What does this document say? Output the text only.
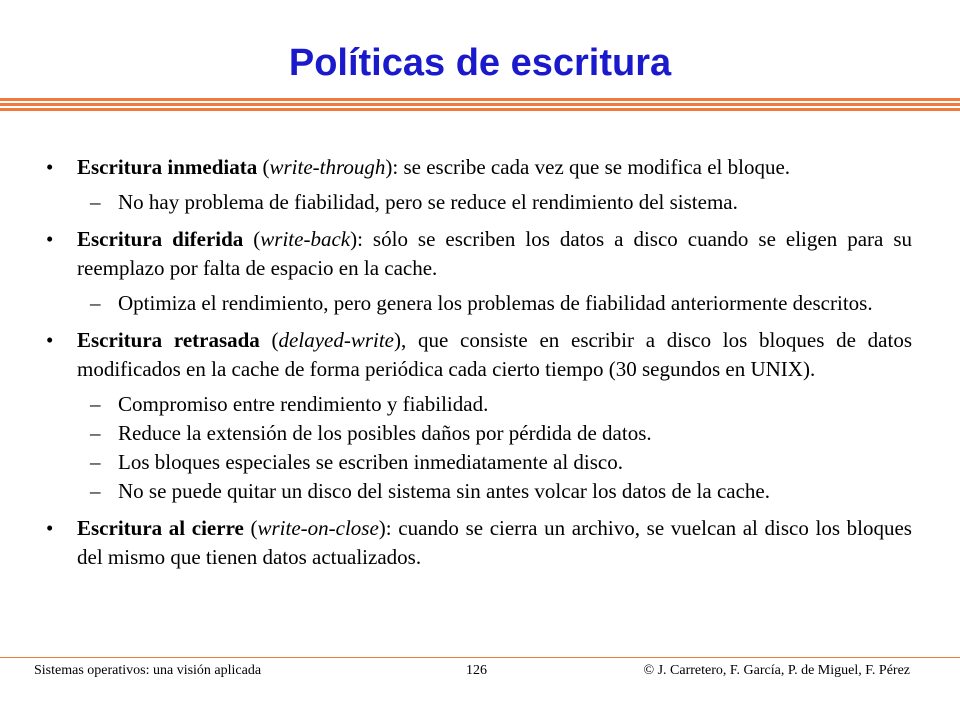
Políticas de escritura
• Escritura inmediata (write-through): se escribe cada vez que se modifica el bloque.
– No hay problema de fiabilidad, pero se reduce el rendimiento del sistema.
• Escritura diferida (write-back): sólo se escriben los datos a disco cuando se eligen para su reemplazo por falta de espacio en la cache.
– Optimiza el rendimiento, pero genera los problemas de fiabilidad anteriormente descritos.
• Escritura retrasada (delayed-write), que consiste en escribir a disco los bloques de datos modificados en la cache de forma periódica cada cierto tiempo (30 segundos en UNIX).
– Compromiso entre rendimiento y fiabilidad.
– Reduce la extensión de los posibles daños por pérdida de datos.
– Los bloques especiales se escriben inmediatamente al disco.
– No se puede quitar un disco del sistema sin antes volcar los datos de la cache.
• Escritura al cierre (write-on-close): cuando se cierra un archivo, se vuelcan al disco los bloques del mismo que tienen datos actualizados.
Sistemas operativos: una visión aplicada	126	© J. Carretero, F. García, P. de Miguel, F. Pérez
